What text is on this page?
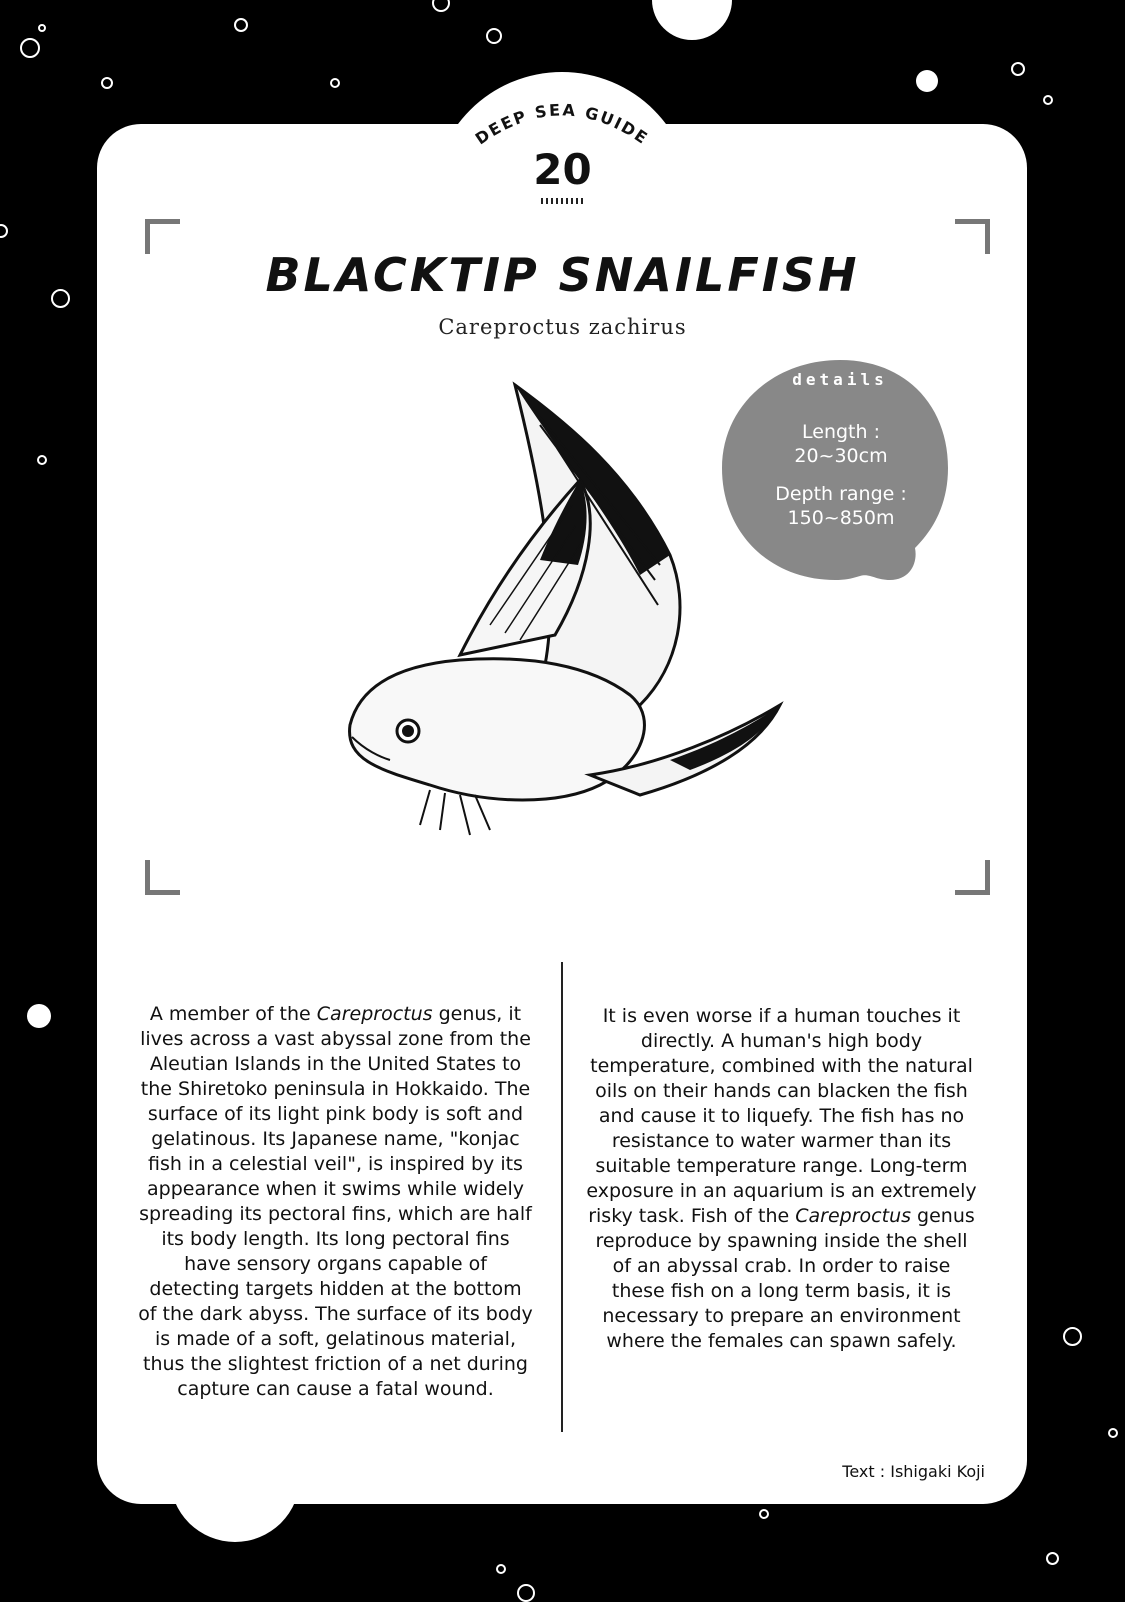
DEEP SEA GUIDE
20
BLACKTIP SNAILFISH
Careproctus zachirus
details
Length :
20~30cm
Depth range :
150~850m
A member of the Careproctus genus, it lives across a vast abyssal zone from the Aleutian Islands in the United States to the Shiretoko peninsula in Hokkaido. The surface of its light pink body is soft and gelatinous. Its Japanese name, "konjac fish in a celestial veil", is inspired by its appearance when it swims while widely spreading its pectoral fins, which are half its body length. Its long pectoral fins have sensory organs capable of detecting targets hidden at the bottom of the dark abyss. The surface of its body is made of a soft, gelatinous material, thus the slightest friction of a net during capture can cause a fatal wound.
It is even worse if a human touches it directly. A human's high body temperature, combined with the natural oils on their hands can blacken the fish and cause it to liquefy. The fish has no resistance to water warmer than its suitable temperature range. Long-term exposure in an aquarium is an extremely risky task. Fish of the Careproctus genus reproduce by spawning inside the shell of an abyssal crab. In order to raise these fish on a long term basis, it is necessary to prepare an environment where the females can spawn safely.
Text : Ishigaki Koji
